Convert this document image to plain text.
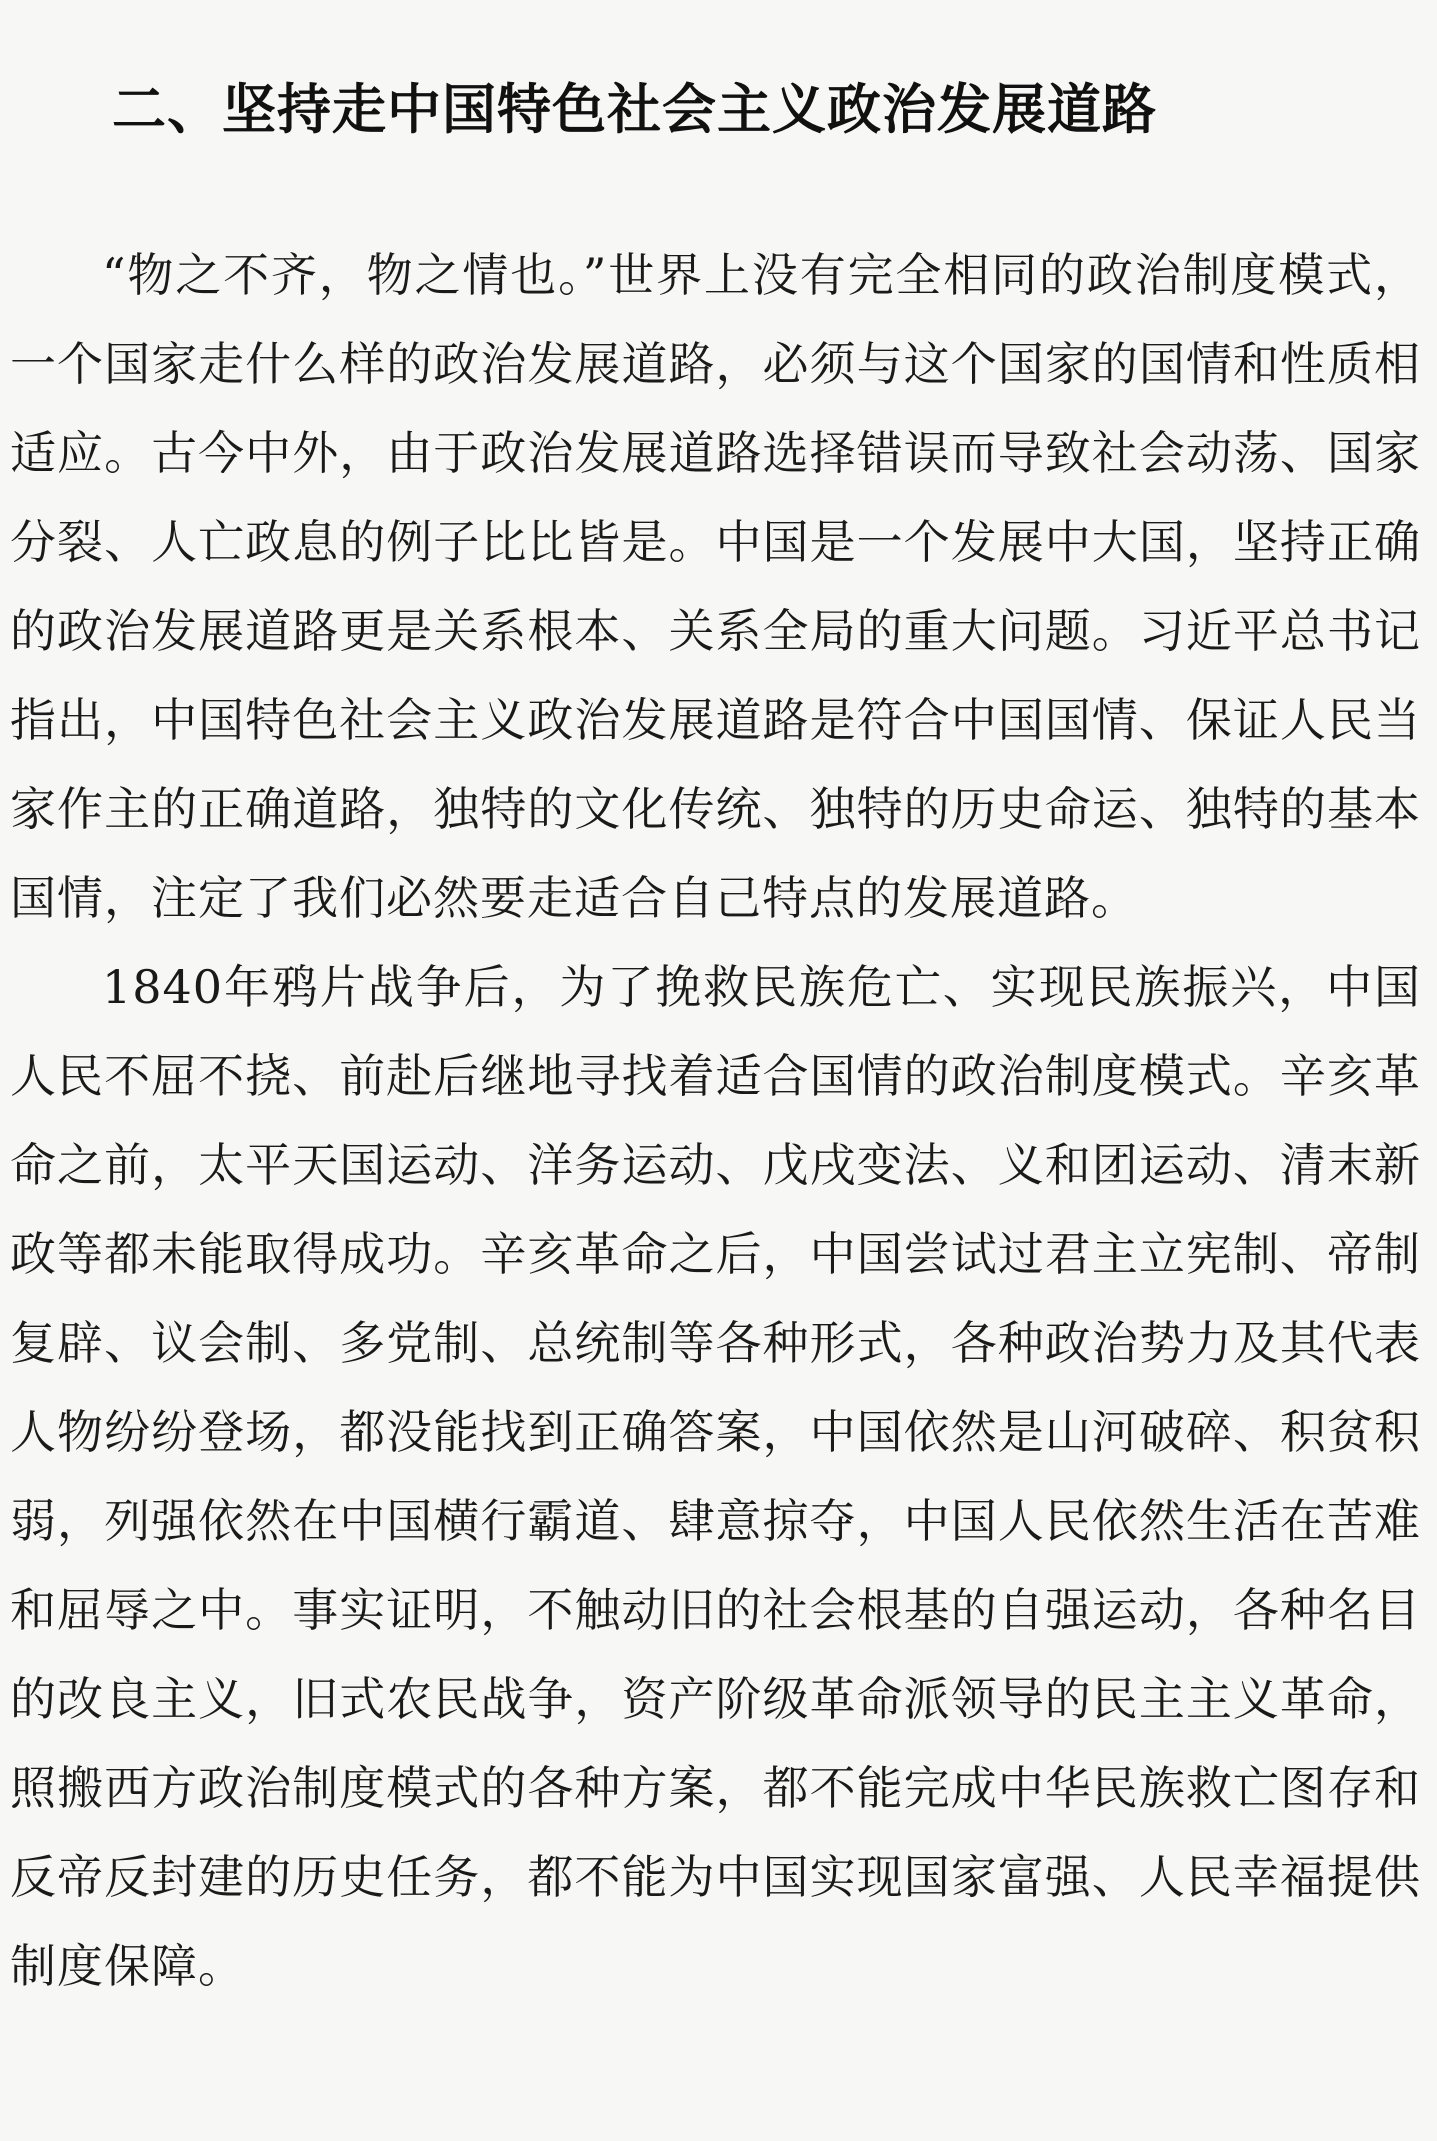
二、坚持走中国特色社会主义政治发展道路

“物之不齐，物之情也。”世界上没有完全相同的政治制度模式，一个国家走什么样的政治发展道路，必须与这个国家的国情和性质相适应。古今中外，由于政治发展道路选择错误而导致社会动荡、国家分裂、人亡政息的例子比比皆是。中国是一个发展中大国，坚持正确的政治发展道路更是关系根本、关系全局的重大问题。习近平总书记指出，中国特色社会主义政治发展道路是符合中国国情、保证人民当家作主的正确道路，独特的文化传统、独特的历史命运、独特的基本国情，注定了我们必然要走适合自己特点的发展道路。

1840年鸦片战争后，为了挽救民族危亡、实现民族振兴，中国人民不屈不挠、前赴后继地寻找着适合国情的政治制度模式。辛亥革命之前，太平天国运动、洋务运动、戊戌变法、义和团运动、清末新政等都未能取得成功。辛亥革命之后，中国尝试过君主立宪制、帝制复辟、议会制、多党制、总统制等各种形式，各种政治势力及其代表人物纷纷登场，都没能找到正确答案，中国依然是山河破碎、积贫积弱，列强依然在中国横行霸道、肆意掠夺，中国人民依然生活在苦难和屈辱之中。事实证明，不触动旧的社会根基的自强运动，各种名目的改良主义，旧式农民战争，资产阶级革命派领导的民主主义革命，照搬西方政治制度模式的各种方案，都不能完成中华民族救亡图存和反帝反封建的历史任务，都不能为中国实现国家富强、人民幸福提供制度保障。
